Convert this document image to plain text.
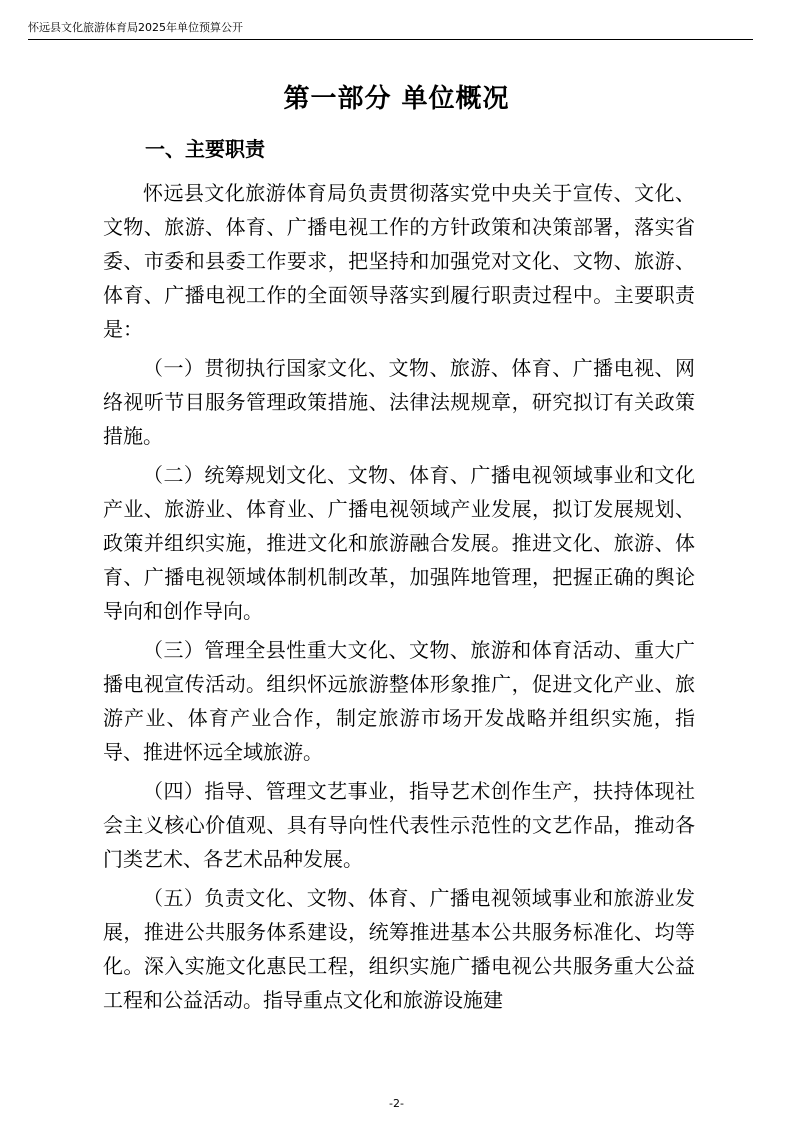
怀远县文化旅游体育局2025年单位预算公开
第一部分 单位概况
一、主要职责

怀远县文化旅游体育局负责贯彻落实党中央关于宣传、文化、文物、旅游、体育、广播电视工作的方针政策和决策部署，落实省委、市委和县委工作要求，把坚持和加强党对文化、文物、旅游、体育、广播电视工作的全面领导落实到履行职责过程中。主要职责是：

（一）贯彻执行国家文化、文物、旅游、体育、广播电视、网络视听节目服务管理政策措施、法律法规规章，研究拟订有关政策措施。

（二）统筹规划文化、文物、体育、广播电视领域事业和文化产业、旅游业、体育业、广播电视领域产业发展，拟订发展规划、政策并组织实施，推进文化和旅游融合发展。推进文化、旅游、体育、广播电视领域体制机制改革，加强阵地管理，把握正确的舆论导向和创作导向。

（三）管理全县性重大文化、文物、旅游和体育活动、重大广播电视宣传活动。组织怀远旅游整体形象推广，促进文化产业、旅游产业、体育产业合作，制定旅游市场开发战略并组织实施，指导、推进怀远全域旅游。

（四）指导、管理文艺事业，指导艺术创作生产，扶持体现社会主义核心价值观、具有导向性代表性示范性的文艺作品，推动各门类艺术、各艺术品种发展。

（五）负责文化、文物、体育、广播电视领域事业和旅游业发展，推进公共服务体系建设，统筹推进基本公共服务标准化、均等化。深入实施文化惠民工程，组织实施广播电视公共服务重大公益工程和公益活动。指导重点文化和旅游设施建

-2-
